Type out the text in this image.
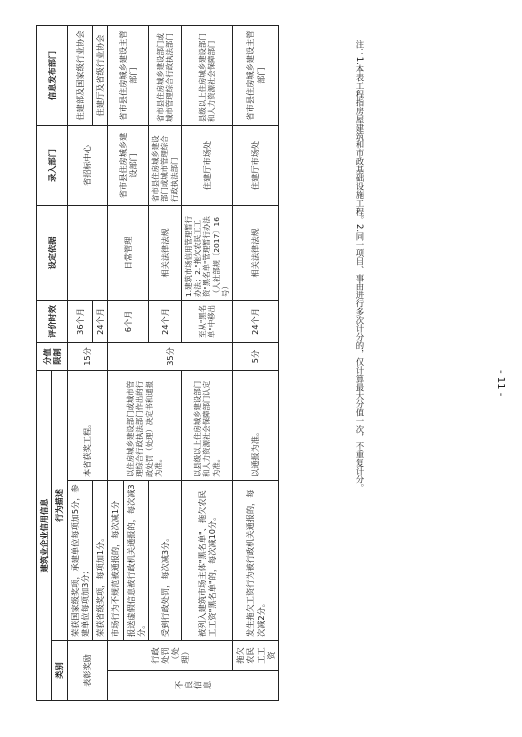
- 11 -

注：1.本表工程指房屋建筑和市政基础设施工程。

2.同一项目、事由进行多次计分的，仅计算最大分值一次，不重复计分。

建筑业企业信用信息				分值限制	评价时效	设定依据	录入部门	信息发布部门
类别		行为描述						
表彰奖励		荣获国家级奖项，承建单位每项加5分，参建单位每项加3分；	本省获奖工程。	15分	36个月		省招标中心	住建部及国家级行业协会
		荣获省级奖项，每项加1分。			24个月			住建厅及省级行业协会
不良信息	行政处罚（处理）	市场行为不规范被通报的，每次减1分	以住房城乡建设部门或城市管理综合行政执法部门作出的行政处罚（处理）决定书和通报为准。	35分	6个月	日常管理	省市县住房城乡建设部门	省市县住房城乡建设主管部门
		报送虚假信息被行政机关通报的，每次减3分。						
		受到行政处罚，每次减3分。			24个月	相关法律法规	省市县住房城乡建设部门或城市管理综合行政执法部门	省市县住房城乡建设部门或城市管理综合行政执法部门
		被列入建筑市场主体"黑名单"、拖欠农民工工资"黑名单"的，每次减10分。	以县级以上住房城乡建设部门和人力资源社会保障部门认定为准。		至从"黑名单"中移出	1.建筑市场信用管理暂行办法；2."拖欠农民工工资"黑名单"管理暂行办法（人社部规〔2017〕16号）	住建厅市场处	县级以上住房城乡建设部门和人力资源社会保障部门
	拖欠农民工工资	发生拖欠工资行为被行政机关通报的，每次减2分。	以通报为准。	5分	24个月	相关法律法规	住建厅市场处	省市县住房城乡建设主管部门
